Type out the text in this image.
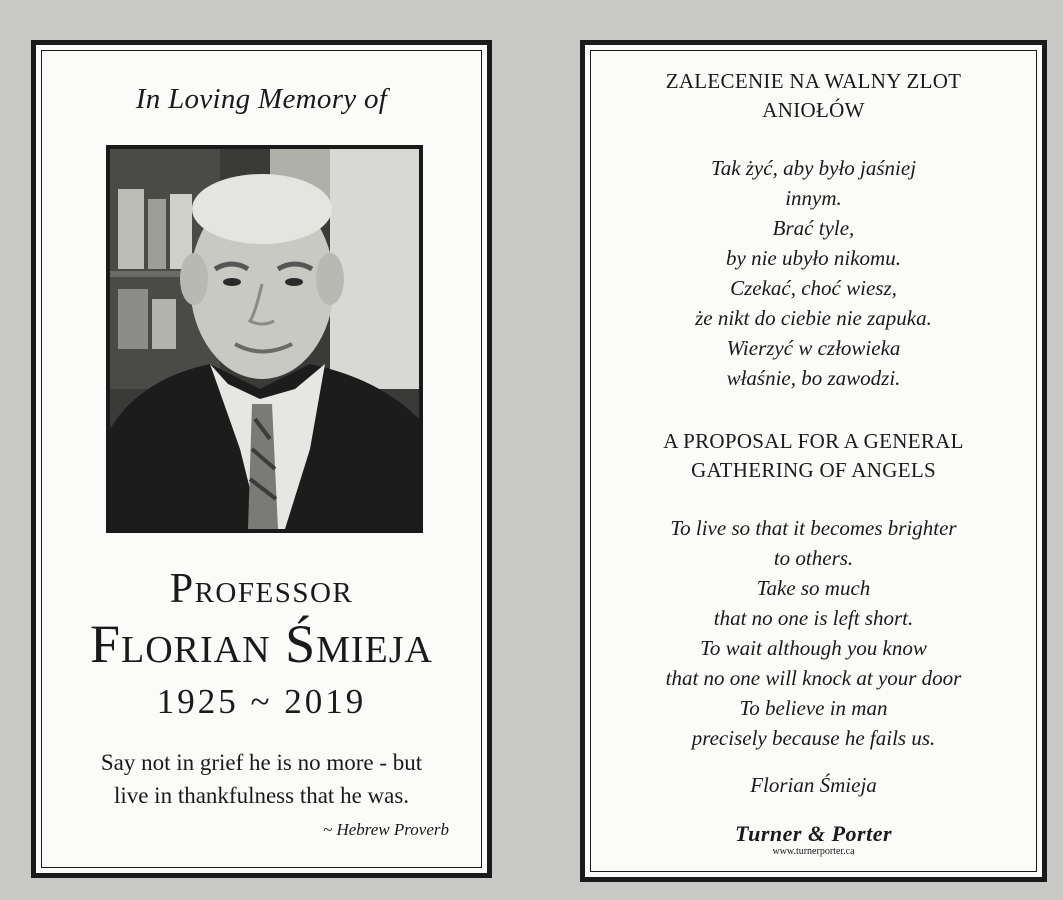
In Loving Memory of
Professor
Florian Śmieja
1925 ~ 2019
Say not in grief he is no more - but
live in thankfulness that he was.
~ Hebrew Proverb
ZALECENIE NA WALNY ZLOT
ANIOŁÓW
Tak żyć, aby było jaśniej
innym.
Brać tyle,
by nie ubyło nikomu.
Czekać, choć wiesz,
że nikt do ciebie nie zapuka.
Wierzyć w człowieka
właśnie, bo zawodzi.
A PROPOSAL FOR A GENERAL
GATHERING OF ANGELS
To live so that it becomes brighter
to others.
Take so much
that no one is left short.
To wait although you know
that no one will knock at your door
To believe in man
precisely because he fails us.
Florian Śmieja
Turner & Porter
www.turnerporter.ca
